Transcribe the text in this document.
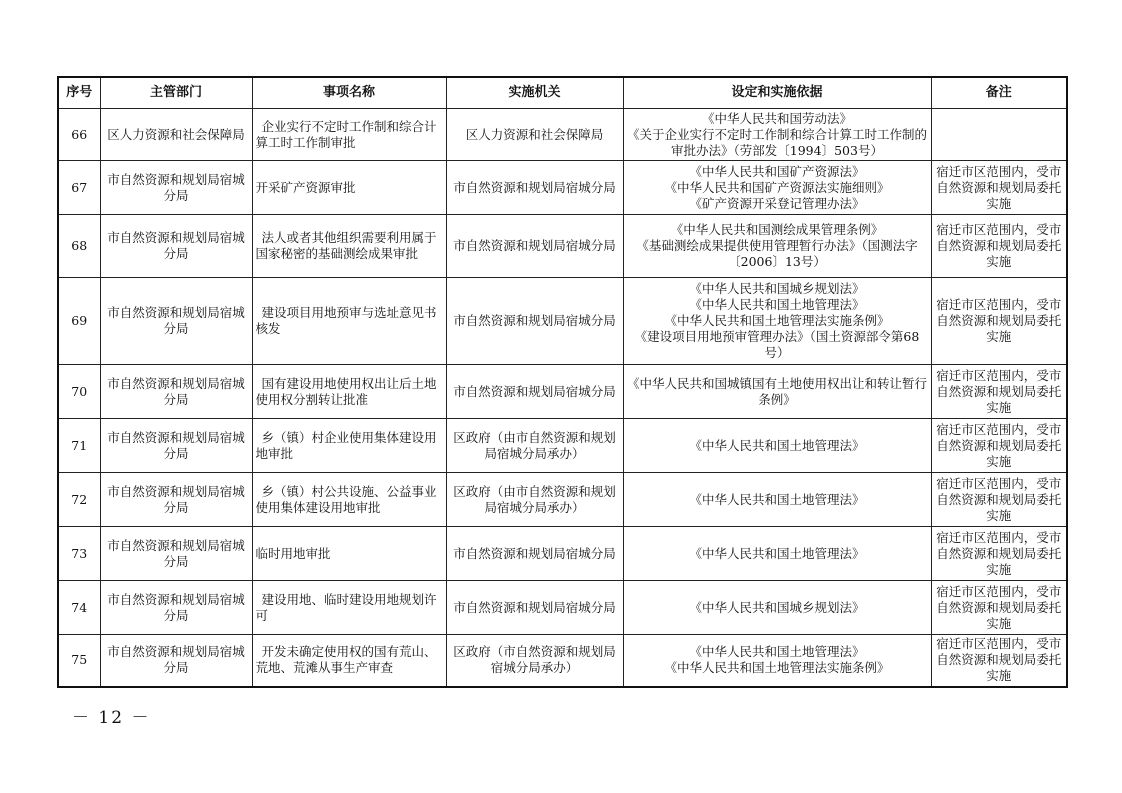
序号	主管部门	事项名称	实施机关	设定和实施依据	备注
66	区人力资源和社会保障局	企业实行不定时工作制和综合计算工时工作制审批	区人力资源和社会保障局	《中华人民共和国劳动法》
《关于企业实行不定时工作制和综合计算工时工作制的审批办法》（劳部发〔1994〕503号）	

67	市自然资源和规划局宿城分局	开采矿产资源审批	市自然资源和规划局宿城分局	《中华人民共和国矿产资源法》
《中华人民共和国矿产资源法实施细则》
《矿产资源开采登记管理办法》	宿迁市区范围内，受市自然资源和规划局委托实施
68	市自然资源和规划局宿城分局	法人或者其他组织需要利用属于国家秘密的基础测绘成果审批	市自然资源和规划局宿城分局	《中华人民共和国测绘成果管理条例》
《基础测绘成果提供使用管理暂行办法》（国测法字〔2006〕13号）	宿迁市区范围内，受市自然资源和规划局委托实施
69	市自然资源和规划局宿城分局	建设项目用地预审与选址意见书核发	市自然资源和规划局宿城分局	《中华人民共和国城乡规划法》
《中华人民共和国土地管理法》
《中华人民共和国土地管理法实施条例》
《建设项目用地预审管理办法》（国土资源部令第68号）	宿迁市区范围内，受市自然资源和规划局委托实施
70	市自然资源和规划局宿城分局	国有建设用地使用权出让后土地使用权分割转让批准	市自然资源和规划局宿城分局	《中华人民共和国城镇国有土地使用权出让和转让暂行条例》	宿迁市区范围内，受市自然资源和规划局委托实施
71	市自然资源和规划局宿城分局	乡（镇）村企业使用集体建设用地审批	区政府（由市自然资源和规划局宿城分局承办）	《中华人民共和国土地管理法》	宿迁市区范围内，受市自然资源和规划局委托实施
72	市自然资源和规划局宿城分局	乡（镇）村公共设施、公益事业使用集体建设用地审批	区政府（由市自然资源和规划局宿城分局承办）	《中华人民共和国土地管理法》	宿迁市区范围内，受市自然资源和规划局委托实施
73	市自然资源和规划局宿城分局	临时用地审批	市自然资源和规划局宿城分局	《中华人民共和国土地管理法》	宿迁市区范围内，受市自然资源和规划局委托实施
74	市自然资源和规划局宿城分局	建设用地、临时建设用地规划许可	市自然资源和规划局宿城分局	《中华人民共和国城乡规划法》	宿迁市区范围内，受市自然资源和规划局委托实施
75	市自然资源和规划局宿城分局	开发未确定使用权的国有荒山、荒地、荒滩从事生产审查	区政府（市自然资源和规划局宿城分局承办）	《中华人民共和国土地管理法》
《中华人民共和国土地管理法实施条例》	宿迁市区范围内，受市自然资源和规划局委托实施
－ 12 －
